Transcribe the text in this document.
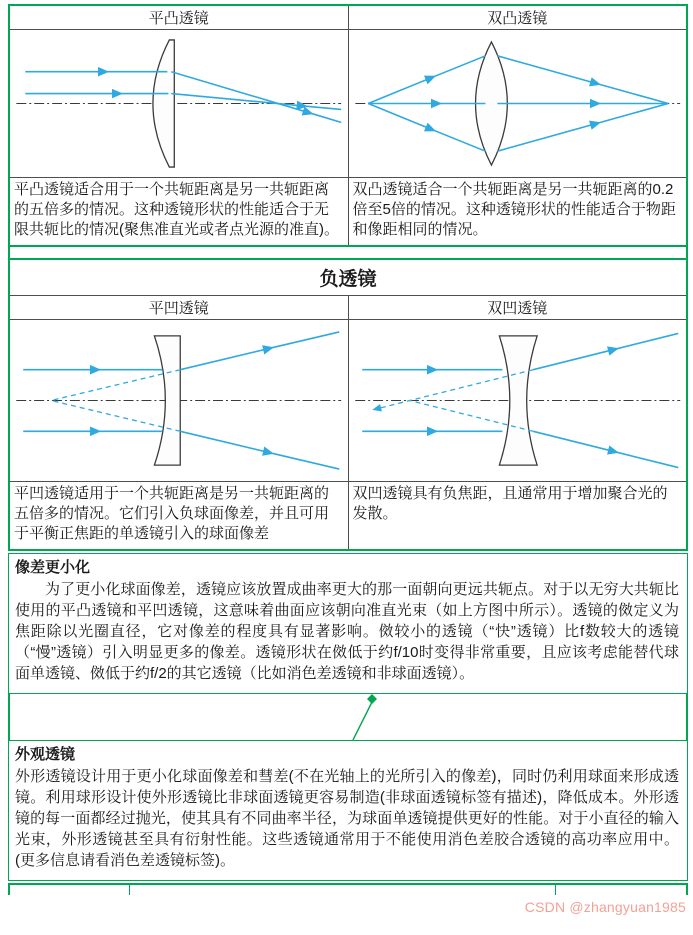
平凸透镜	双凸透镜

平凸透镜适合用于一个共轭距离是另一共轭距离的五倍多的情况。这种透镜形状的性能适合于无限共轭比的情况(聚焦准直光或者点光源的准直)。	双凸透镜适合一个共轭距离是另一共轭距离的0.2倍至5倍的情况。这种透镜形状的性能适合于物距和像距相同的情况。
负透镜	
平凹透镜	双凹透镜

平凹透镜适用于一个共轭距离是另一共轭距离的五倍多的情况。它们引入负球面像差，并且可用于平衡正焦距的单透镜引入的球面像差	双凹透镜具有负焦距，且通常用于增加聚合光的发散。
像差更小化

为了更小化球面像差，透镜应该放置成曲率更大的那一面朝向更远共轭点。对于以无穷大共轭比使用的平凸透镜和平凹透镜，这意味着曲面应该朝向准直光束（如上方图中所示）。透镜的傚定义为焦距除以光圈直径，它对像差的程度具有显著影响。傚较小的透镜（“快”透镜）比f数较大的透镜（“慢”透镜）引入明显更多的像差。透镜形状在傚低于约f/10时变得非常重要，且应该考虑能替代球面单透镜、傚低于约f/2的其它透镜（比如消色差透镜和非球面透镜）。

外观透镜

外形透镜设计用于更小化球面像差和彗差(不在光轴上的光所引入的像差)，同时仍利用球面来形成透镜。利用球形设计使外形透镜比非球面透镜更容易制造(非球面透镜标签有描述)，降低成本。外形透镜的每一面都经过抛光，使其具有不同曲率半径，为球面单透镜提供更好的性能。对于小直径的输入光束，外形透镜甚至具有衍射性能。这些透镜通常用于不能使用消色差胶合透镜的高功率应用中。(更多信息请看消色差透镜标签)。

CSDN @zhangyuan1985
